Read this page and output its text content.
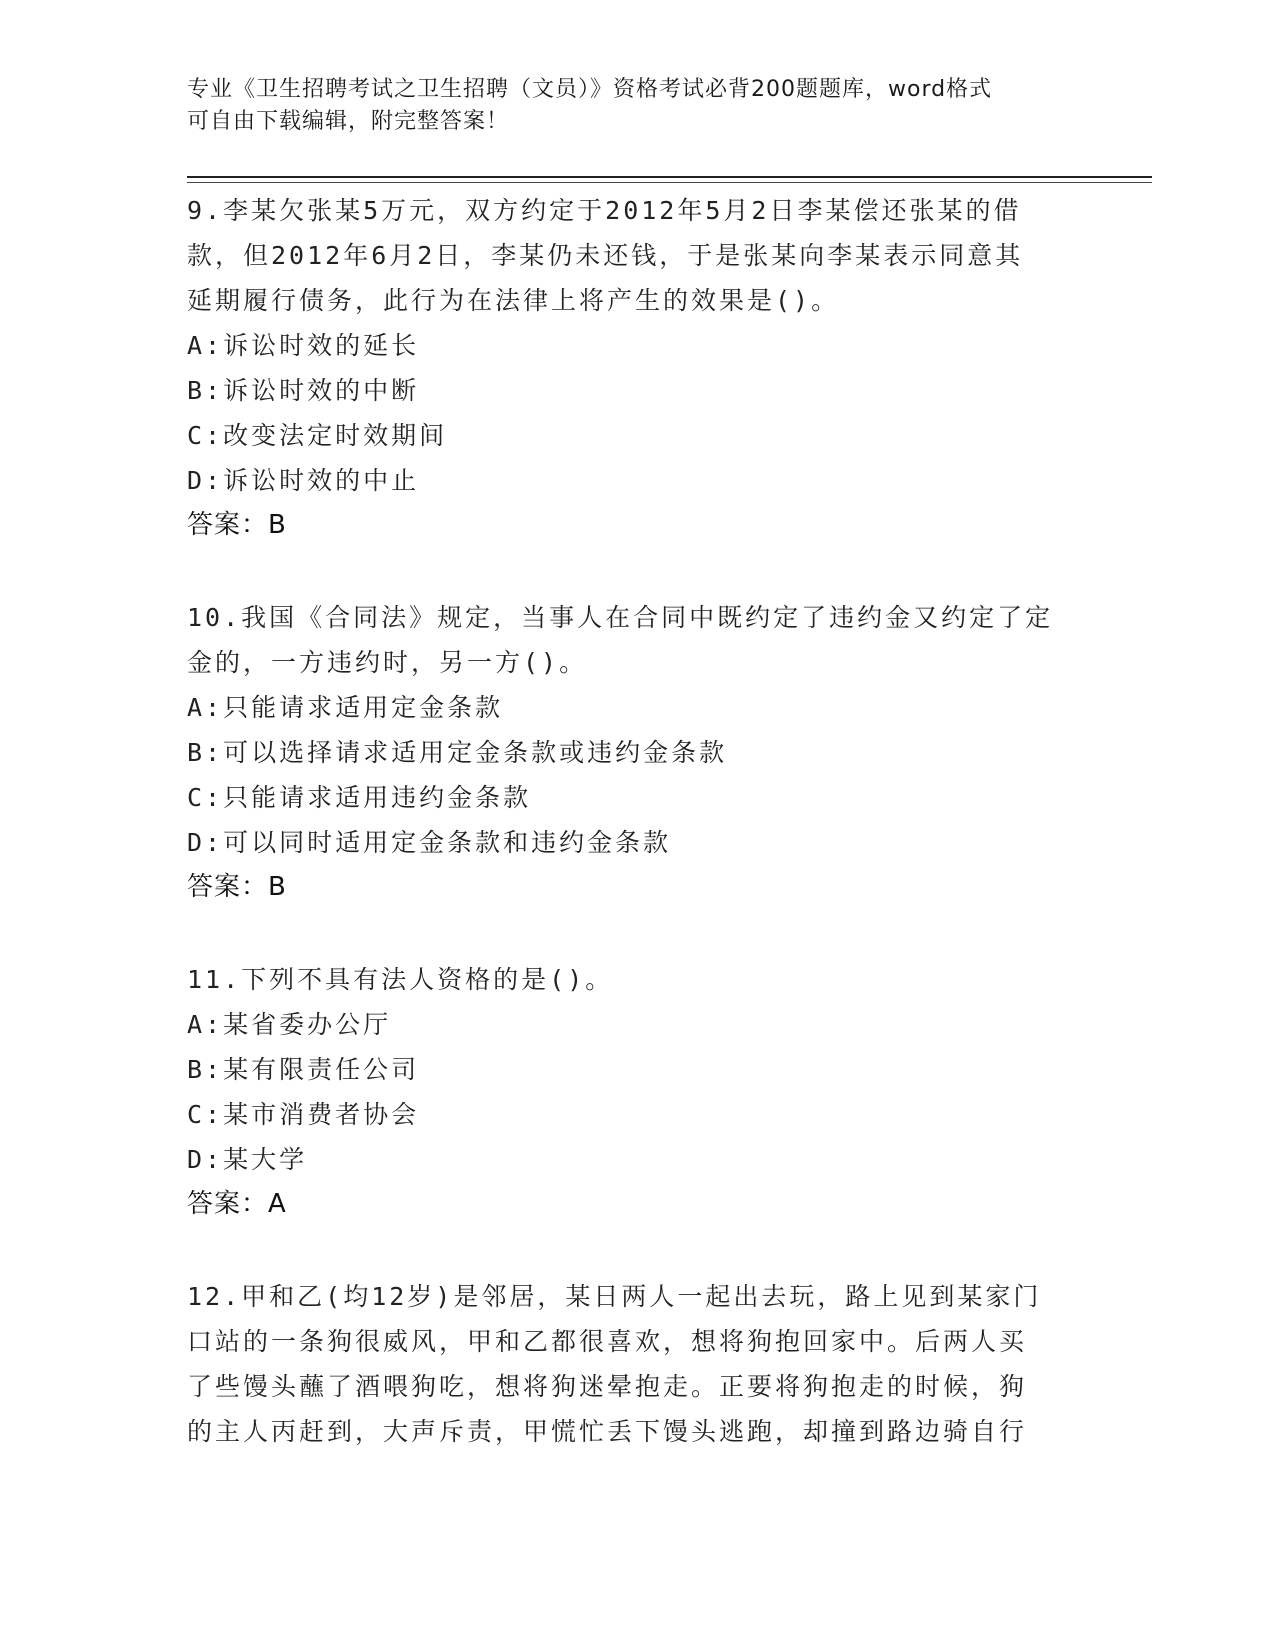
专业《卫生招聘考试之卫生招聘（文员）》资格考试必背200题题库，word格式
可自由下载编辑，附完整答案！
9.李某欠张某5万元，双方约定于2012年5月2日李某偿还张某的借
款，但2012年6月2日，李某仍未还钱，于是张某向李某表示同意其
延期履行债务，此行为在法律上将产生的效果是()。
A:诉讼时效的延长
B:诉讼时效的中断
C:改变法定时效期间
D:诉讼时效的中止
答案：B
10.我国《合同法》规定，当事人在合同中既约定了违约金又约定了定
金的，一方违约时，另一方()。
A:只能请求适用定金条款
B:可以选择请求适用定金条款或违约金条款
C:只能请求适用违约金条款
D:可以同时适用定金条款和违约金条款
答案：B
11.下列不具有法人资格的是()。
A:某省委办公厅
B:某有限责任公司
C:某市消费者协会
D:某大学
答案：A
12.甲和乙(均12岁)是邻居，某日两人一起出去玩，路上见到某家门
口站的一条狗很威风，甲和乙都很喜欢，想将狗抱回家中。后两人买
了些馒头蘸了酒喂狗吃，想将狗迷晕抱走。正要将狗抱走的时候，狗
的主人丙赶到，大声斥责，甲慌忙丢下馒头逃跑，却撞到路边骑自行
